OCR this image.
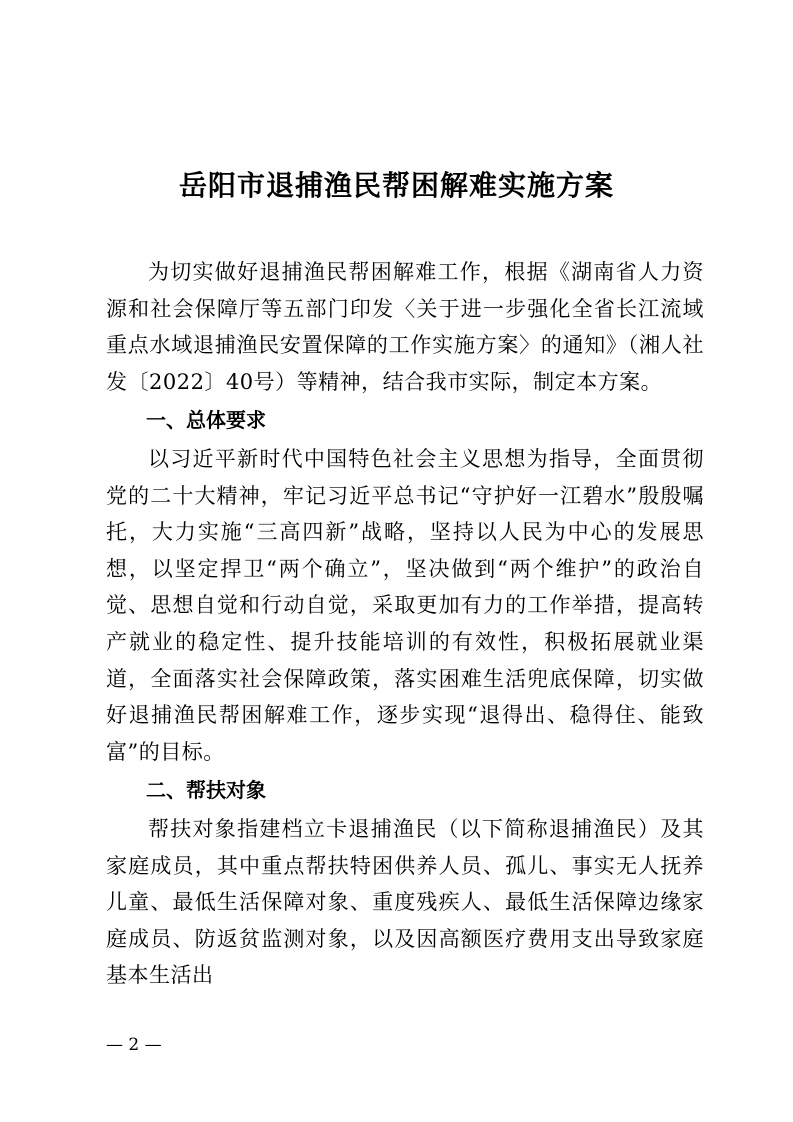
岳阳市退捕渔民帮困解难实施方案

为切实做好退捕渔民帮困解难工作，根据《湖南省人力资源和社会保障厅等五部门印发〈关于进一步强化全省长江流域重点水域退捕渔民安置保障的工作实施方案〉的通知》（湘人社发〔2022〕40号）等精神，结合我市实际，制定本方案。

一、总体要求

以习近平新时代中国特色社会主义思想为指导，全面贯彻党的二十大精神，牢记习近平总书记“守护好一江碧水”殷殷嘱托，大力实施“三高四新”战略，坚持以人民为中心的发展思想，以坚定捍卫“两个确立”，坚决做到“两个维护”的政治自觉、思想自觉和行动自觉，采取更加有力的工作举措，提高转产就业的稳定性、提升技能培训的有效性，积极拓展就业渠道，全面落实社会保障政策，落实困难生活兜底保障，切实做好退捕渔民帮困解难工作，逐步实现“退得出、稳得住、能致富”的目标。

二、帮扶对象

帮扶对象指建档立卡退捕渔民（以下简称退捕渔民）及其家庭成员，其中重点帮扶特困供养人员、孤儿、事实无人抚养儿童、最低生活保障对象、重度残疾人、最低生活保障边缘家庭成员、防返贫监测对象，以及因高额医疗费用支出导致家庭基本生活出

— 2 —
